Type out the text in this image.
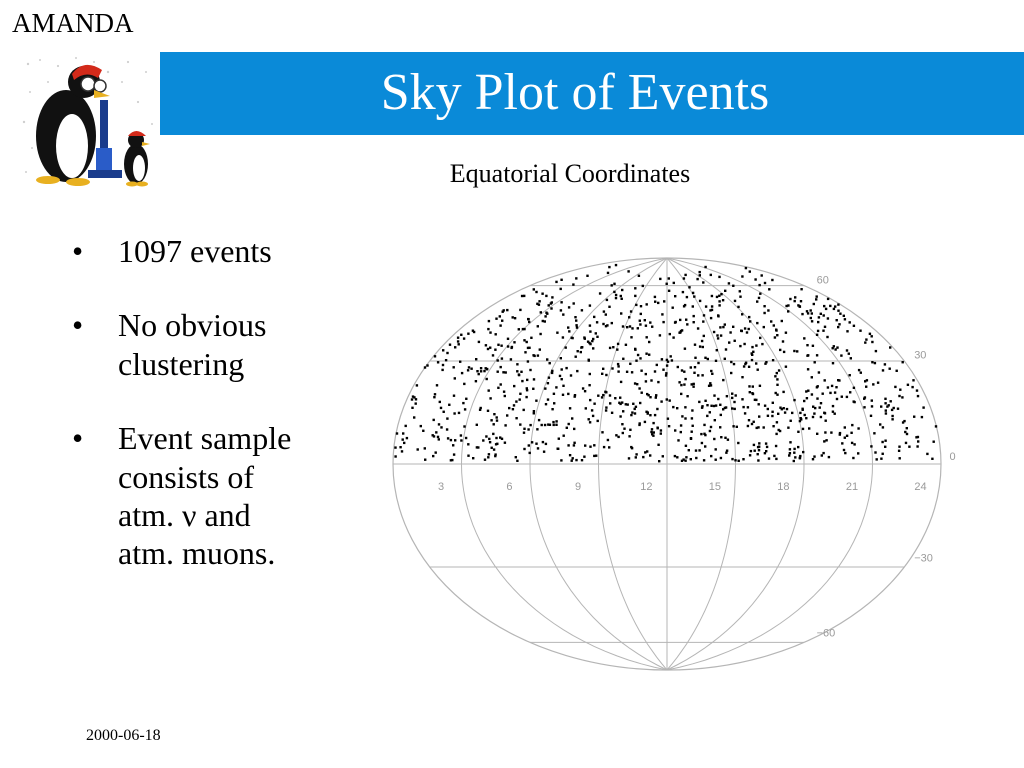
AMANDA
Sky Plot of Events
Equatorial Coordinates
• 1097 events
• No obvious
clustering
• Event sample
consists of
atm. ν and
atm. muons.
3	6	9	12	15	18	21	24
60
30
0
−30
−60
2000-06-18
